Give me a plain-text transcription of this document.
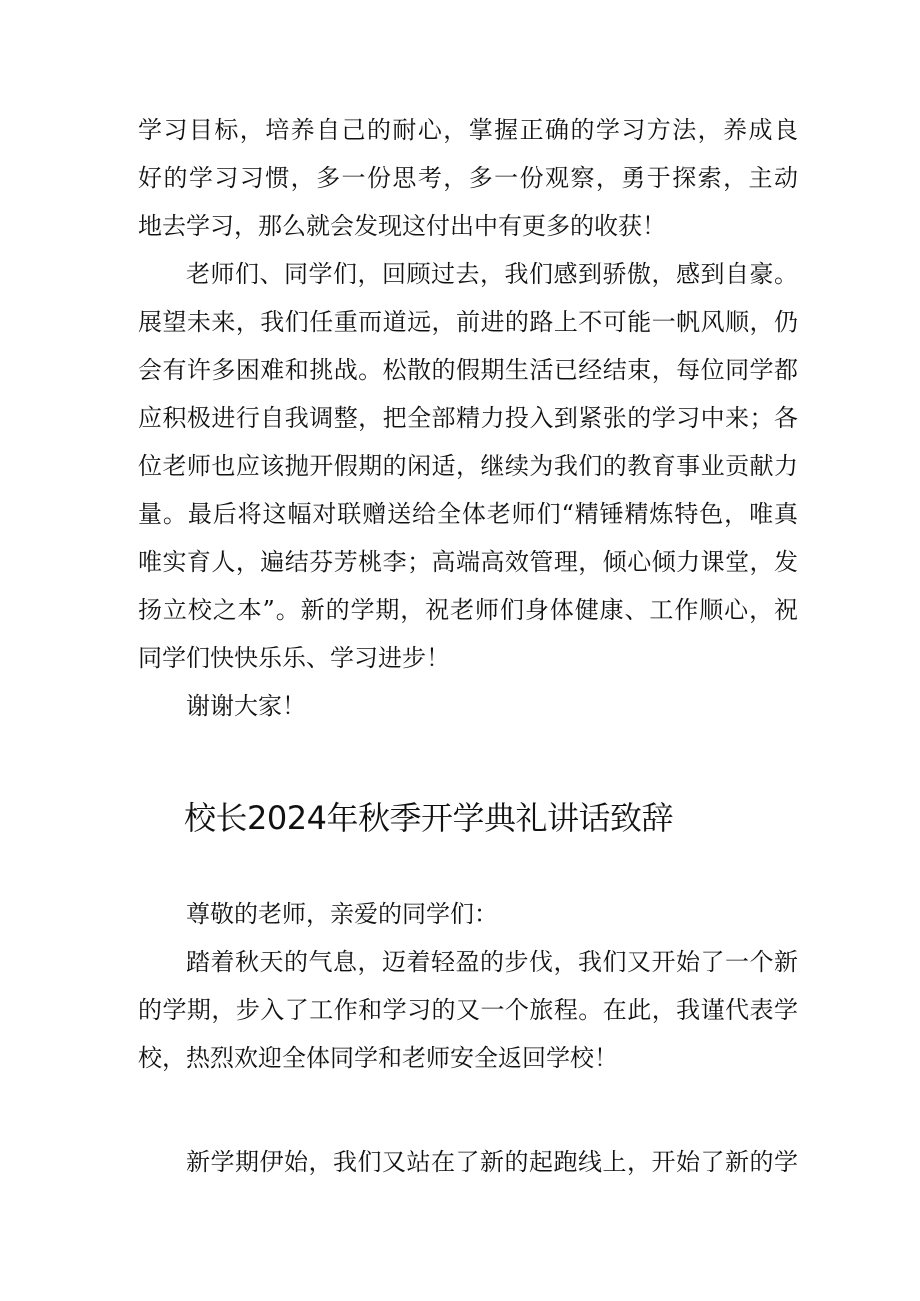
学习目标，培养自己的耐心，掌握正确的学习方法，养成良
好的学习习惯，多一份思考，多一份观察，勇于探索，主动
地去学习，那么就会发现这付出中有更多的收获！
老师们、同学们，回顾过去，我们感到骄傲，感到自豪。
展望未来，我们任重而道远，前进的路上不可能一帆风顺，仍
会有许多困难和挑战。松散的假期生活已经结束，每位同学都
应积极进行自我调整，把全部精力投入到紧张的学习中来；各
位老师也应该抛开假期的闲适，继续为我们的教育事业贡献力
量。最后将这幅对联赠送给全体老师们“精锤精炼特色，唯真
唯实育人，遍结芬芳桃李；高端高效管理，倾心倾力课堂，发
扬立校之本”。新的学期，祝老师们身体健康、工作顺心，祝
同学们快快乐乐、学习进步！
谢谢大家！
校长2024年秋季开学典礼讲话致辞
尊敬的老师，亲爱的同学们：
踏着秋天的气息，迈着轻盈的步伐，我们又开始了一个新
的学期，步入了工作和学习的又一个旅程。在此，我谨代表学
校，热烈欢迎全体同学和老师安全返回学校！
新学期伊始，我们又站在了新的起跑线上，开始了新的学
